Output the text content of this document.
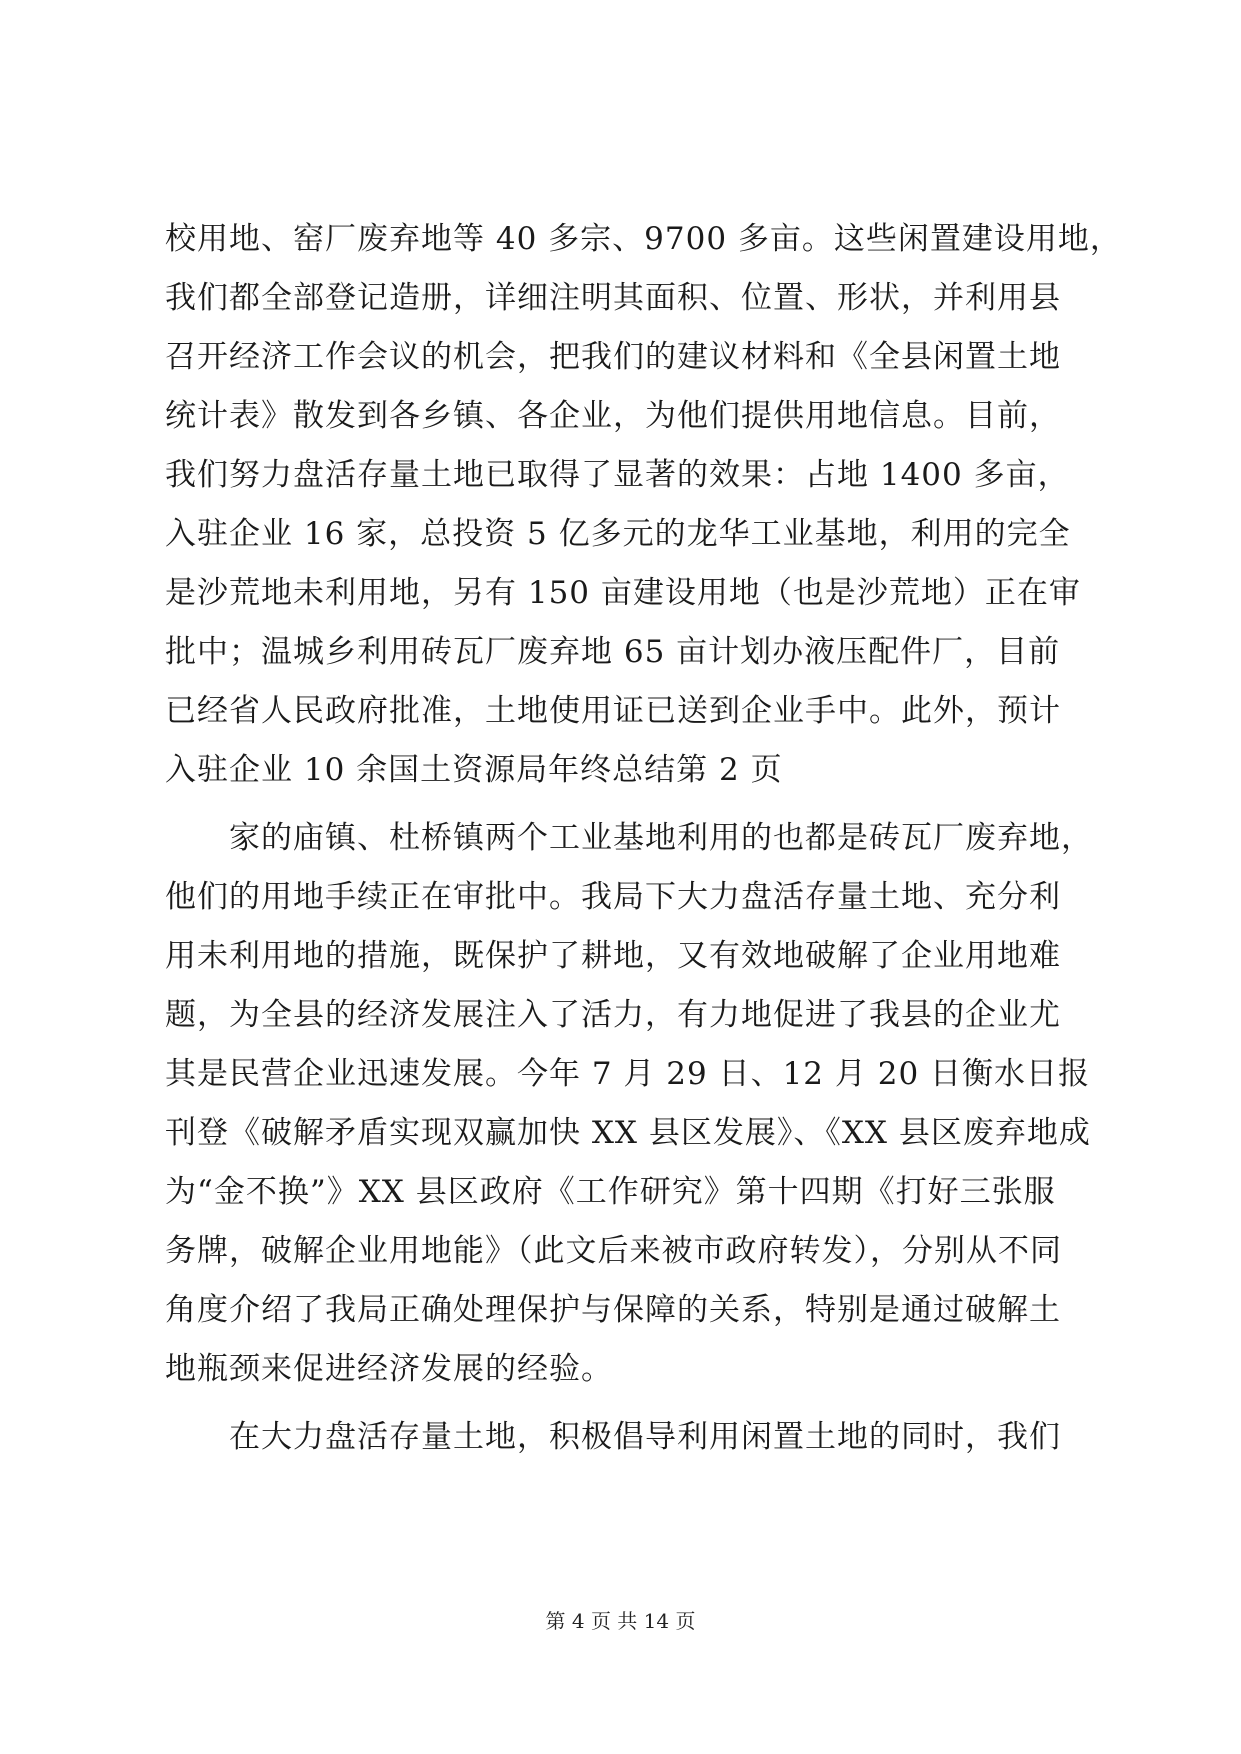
校用地、窑厂废弃地等 40 多宗、9700 多亩。这些闲置建设用地，
我们都全部登记造册，详细注明其面积、位置、形状，并利用县
召开经济工作会议的机会，把我们的建议材料和《全县闲置土地
统计表》散发到各乡镇、各企业，为他们提供用地信息。目前，
我们努力盘活存量土地已取得了显著的效果：占地 1400 多亩，
入驻企业 16 家，总投资 5 亿多元的龙华工业基地，利用的完全
是沙荒地未利用地，另有 150 亩建设用地（也是沙荒地）正在审
批中；温城乡利用砖瓦厂废弃地 65 亩计划办液压配件厂，目前
已经省人民政府批准，土地使用证已送到企业手中。此外，预计
入驻企业 10 余国土资源局年终总结第 2 页
　　家的庙镇、杜桥镇两个工业基地利用的也都是砖瓦厂废弃地，
他们的用地手续正在审批中。我局下大力盘活存量土地、充分利
用未利用地的措施，既保护了耕地，又有效地破解了企业用地难
题，为全县的经济发展注入了活力，有力地促进了我县的企业尤
其是民营企业迅速发展。今年 7 月 29 日、12 月 20 日衡水日报
刊登《破解矛盾实现双赢加快 XX 县区发展》、《XX 县区废弃地成
为“金不换”》XX 县区政府《工作研究》第十四期《打好三张服
务牌，破解企业用地能》（此文后来被市政府转发），分别从不同
角度介绍了我局正确处理保护与保障的关系，特别是通过破解土
地瓶颈来促进经济发展的经验。
　　在大力盘活存量土地，积极倡导利用闲置土地的同时，我们
第 4 页 共 14 页
